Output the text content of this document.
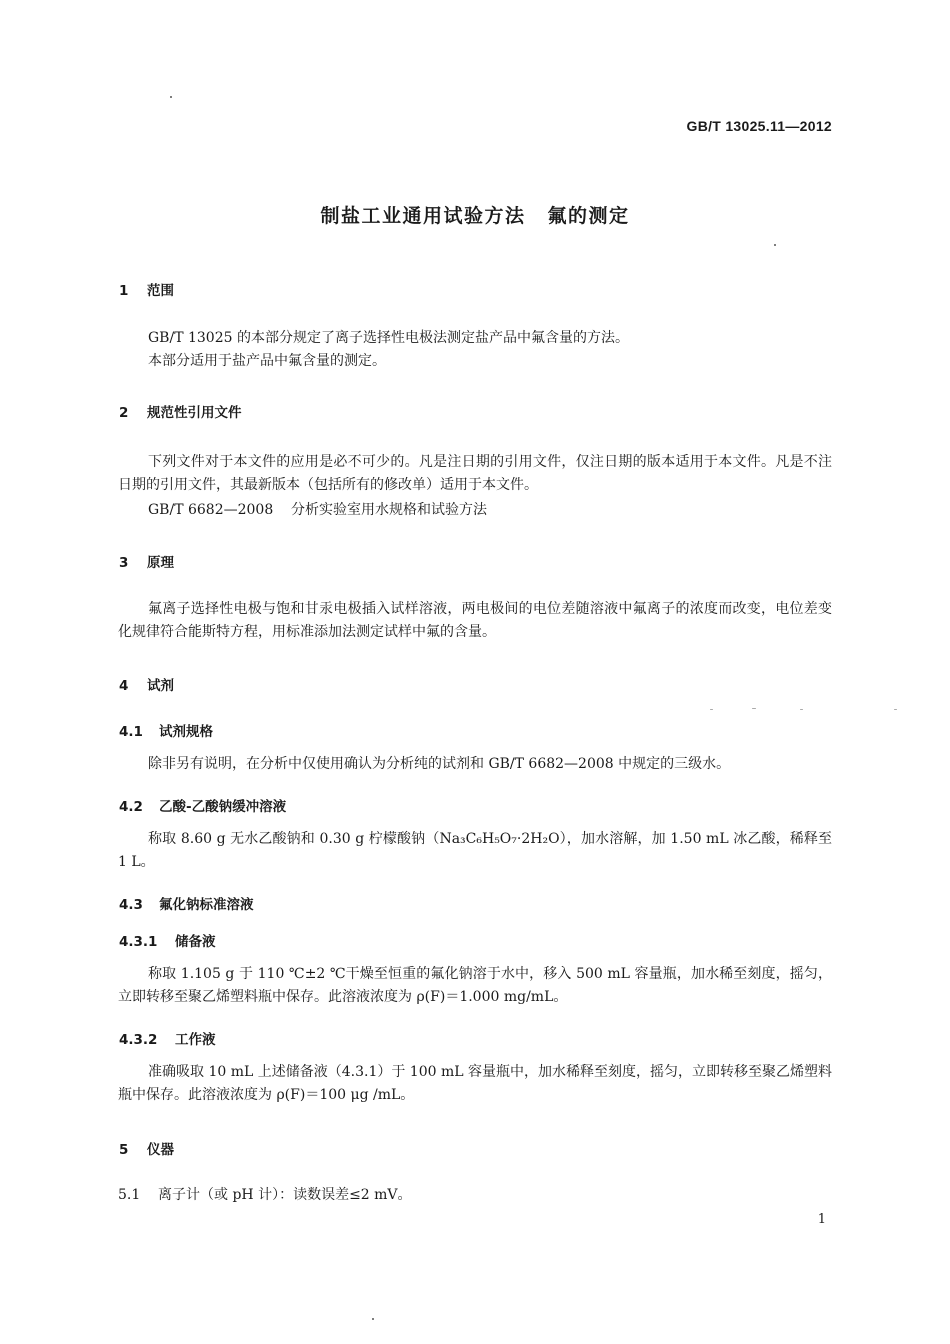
GB/T 13025.11—2012
制盐工业通用试验方法 氟的测定
1 范围
GB/T 13025 的本部分规定了离子选择性电极法测定盐产品中氟含量的方法。
本部分适用于盐产品中氟含量的测定。
2 规范性引用文件
下列文件对于本文件的应用是必不可少的。凡是注日期的引用文件，仅注日期的版本适用于本文件。凡是不注日期的引用文件，其最新版本（包括所有的修改单）适用于本文件。
GB/T 6682—2008 分析实验室用水规格和试验方法
3 原理
氟离子选择性电极与饱和甘汞电极插入试样溶液，两电极间的电位差随溶液中氟离子的浓度而改变，电位差变化规律符合能斯特方程，用标准添加法测定试样中氟的含量。
4 试剂
4.1 试剂规格
除非另有说明，在分析中仅使用确认为分析纯的试剂和 GB/T 6682—2008 中规定的三级水。
4.2 乙酸-乙酸钠缓冲溶液
称取 8.60 g 无水乙酸钠和 0.30 g 柠檬酸钠（Na₃C₆H₅O₇·2H₂O），加水溶解，加 1.50 mL 冰乙酸，稀释至 1 L。
4.3 氟化钠标准溶液
4.3.1 储备液
称取 1.105 g 于 110 ℃±2 ℃干燥至恒重的氟化钠溶于水中，移入 500 mL 容量瓶，加水稀至刻度，摇匀，立即转移至聚乙烯塑料瓶中保存。此溶液浓度为 ρ(F)＝1.000 mg/mL。
4.3.2 工作液
准确吸取 10 mL 上述储备液（4.3.1）于 100 mL 容量瓶中，加水稀释至刻度，摇匀，立即转移至聚乙烯塑料瓶中保存。此溶液浓度为 ρ(F)＝100 μg /mL。
5 仪器
5.1 离子计（或 pH 计）：读数误差≤2 mV。
1
